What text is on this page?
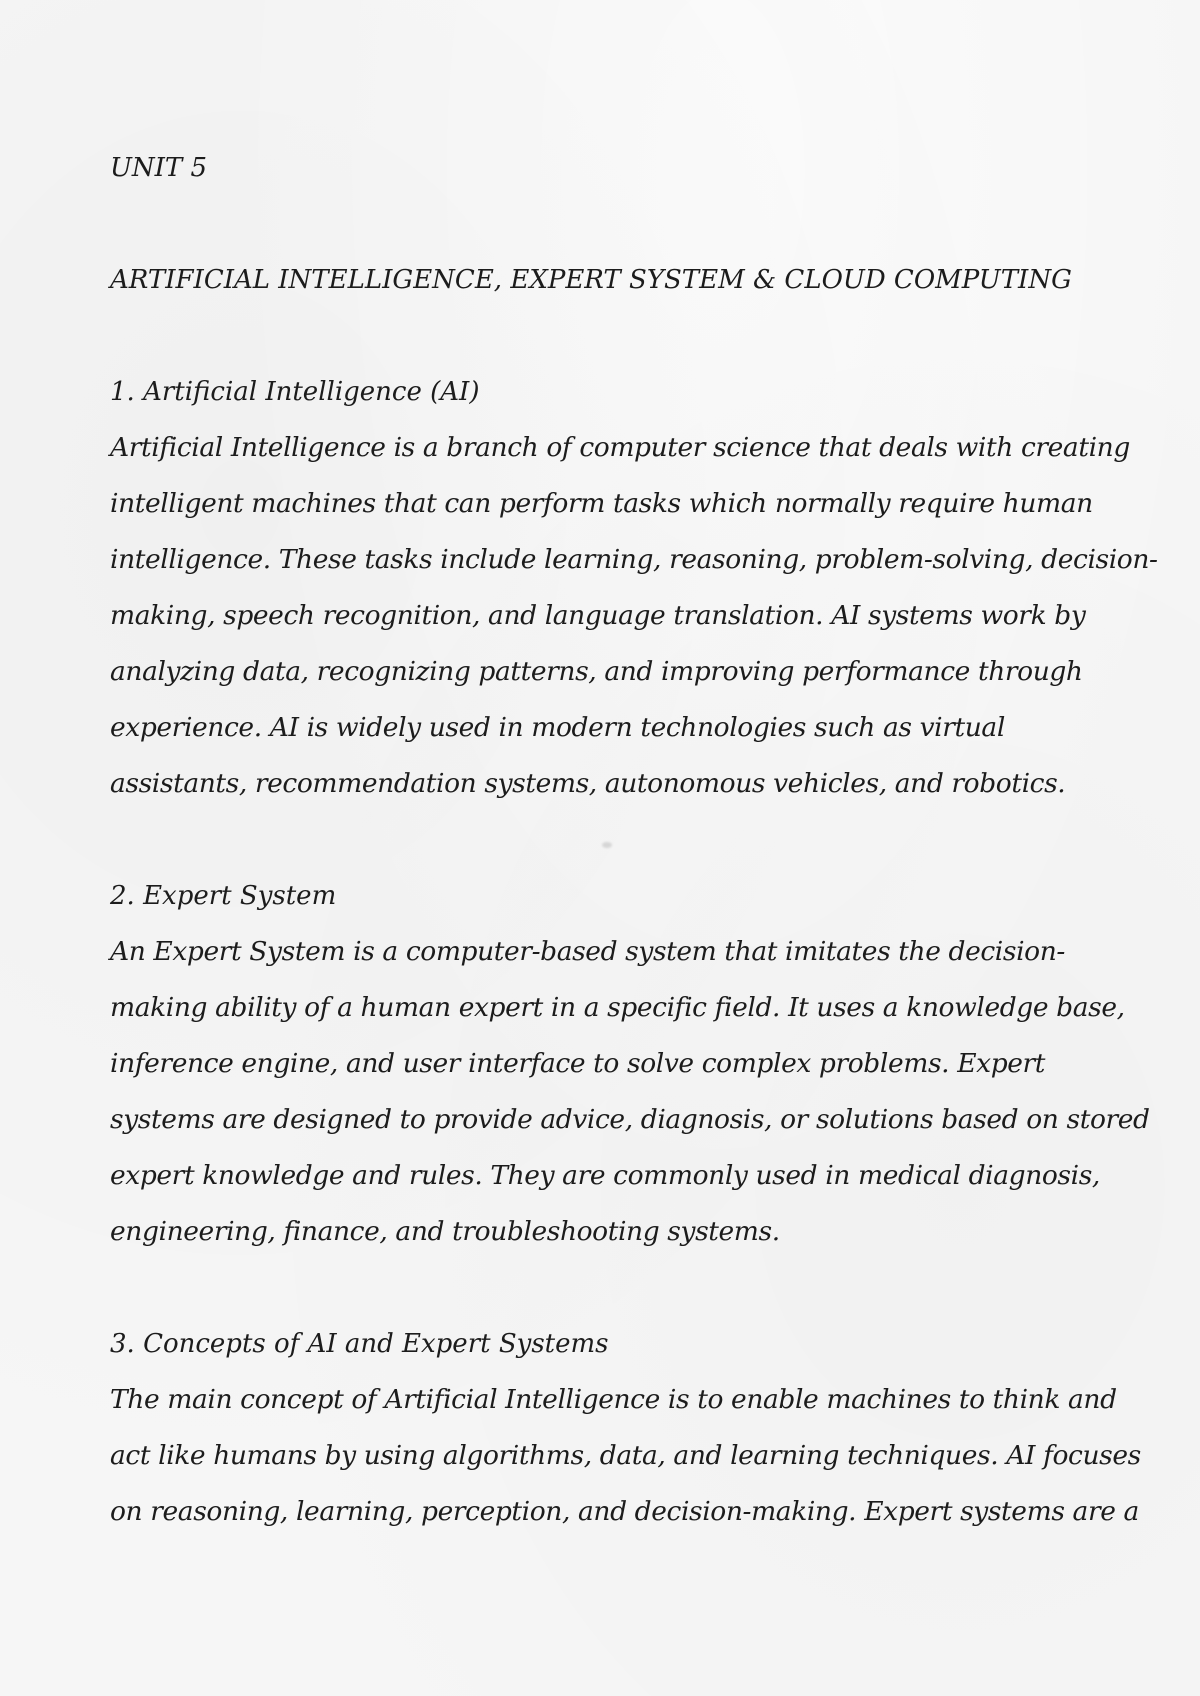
UNIT 5

ARTIFICIAL INTELLIGENCE, EXPERT SYSTEM & CLOUD COMPUTING

1. Artificial Intelligence (AI)

Artificial Intelligence is a branch of computer science that deals with creating

intelligent machines that can perform tasks which normally require human

intelligence. These tasks include learning, reasoning, problem-solving, decision-

making, speech recognition, and language translation. AI systems work by

analyzing data, recognizing patterns, and improving performance through

experience. AI is widely used in modern technologies such as virtual

assistants, recommendation systems, autonomous vehicles, and robotics.

2. Expert System

An Expert System is a computer-based system that imitates the decision-

making ability of a human expert in a specific field. It uses a knowledge base,

inference engine, and user interface to solve complex problems. Expert

systems are designed to provide advice, diagnosis, or solutions based on stored

expert knowledge and rules. They are commonly used in medical diagnosis,

engineering, finance, and troubleshooting systems.

3. Concepts of AI and Expert Systems

The main concept of Artificial Intelligence is to enable machines to think and

act like humans by using algorithms, data, and learning techniques. AI focuses

on reasoning, learning, perception, and decision-making. Expert systems are a
